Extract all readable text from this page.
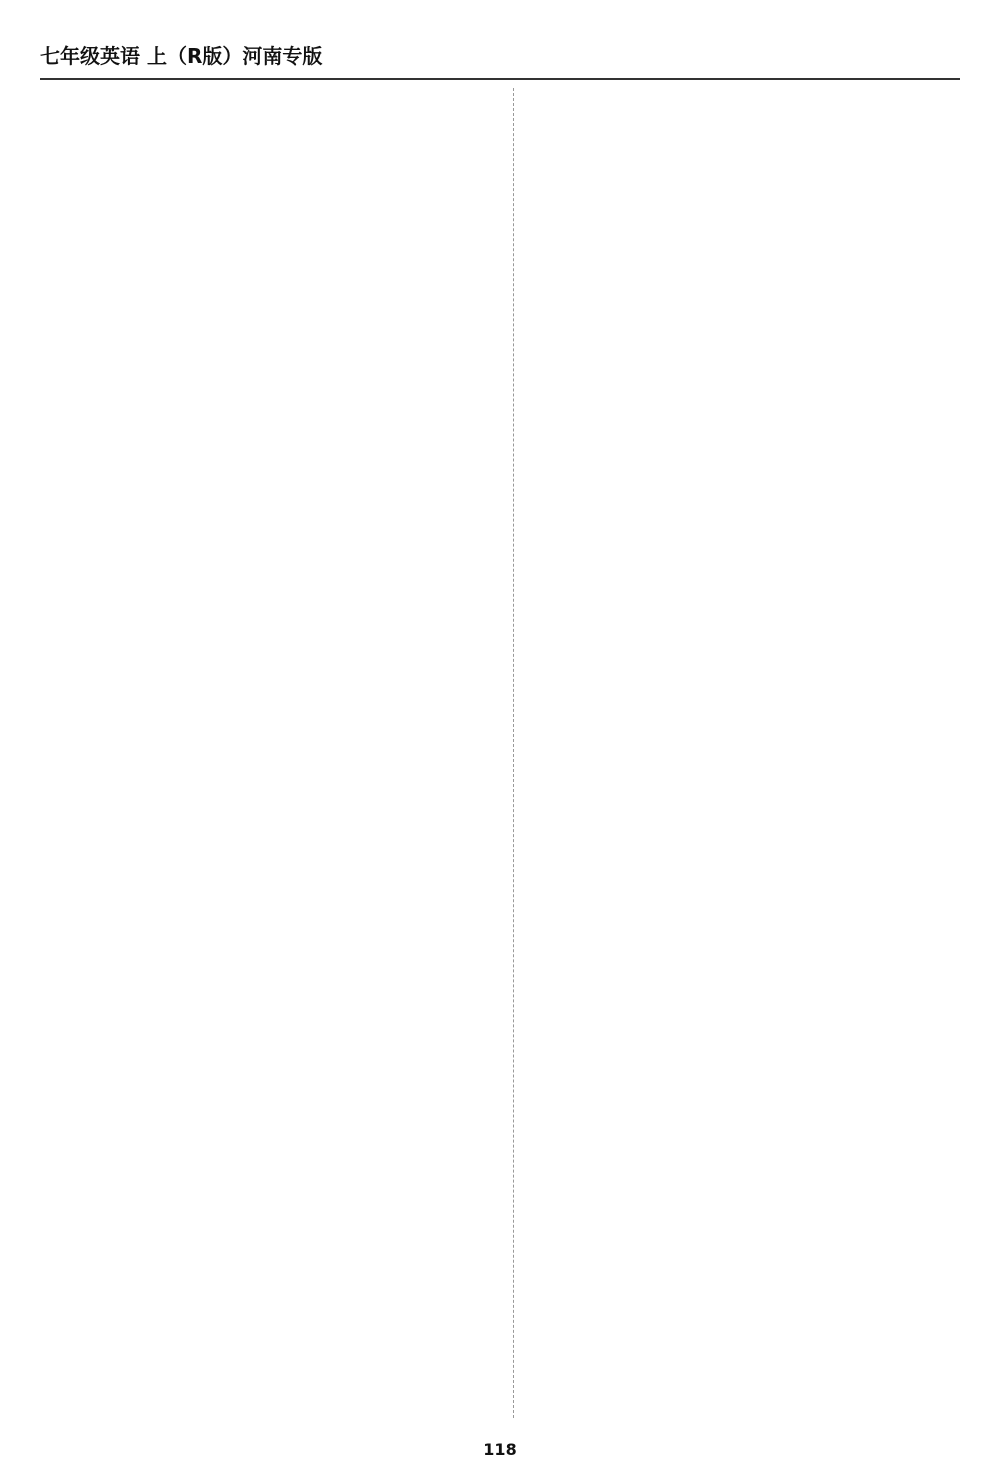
七年级英语 上（R版）河南专版
118
